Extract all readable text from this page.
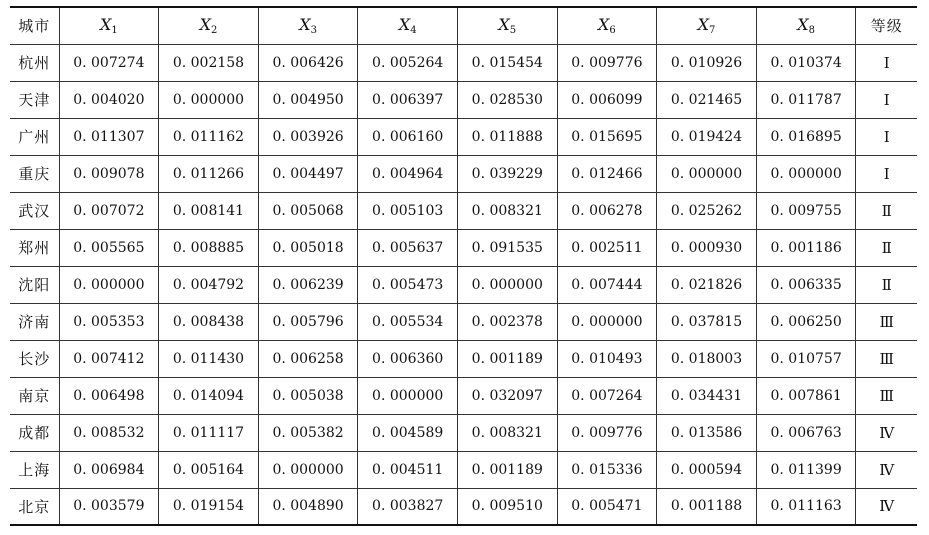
城市	$X_1$	$X_2$	$X_3$	$X_4$	$X_5$	$X_6$	$X_7$	$X_8$	等级
杭州	0. 007274	0. 002158	0. 006426	0. 005264	0. 015454	0. 009776	0. 010926	0. 010374	Ⅰ
天津	0. 004020	0. 000000	0. 004950	0. 006397	0. 028530	0. 006099	0. 021465	0. 011787	Ⅰ
广州	0. 011307	0. 011162	0. 003926	0. 006160	0. 011888	0. 015695	0. 019424	0. 016895	Ⅰ
重庆	0. 009078	0. 011266	0. 004497	0. 004964	0. 039229	0. 012466	0. 000000	0. 000000	Ⅰ
武汉	0. 007072	0. 008141	0. 005068	0. 005103	0. 008321	0. 006278	0. 025262	0. 009755	Ⅱ
郑州	0. 005565	0. 008885	0. 005018	0. 005637	0. 091535	0. 002511	0. 000930	0. 001186	Ⅱ
沈阳	0. 000000	0. 004792	0. 006239	0. 005473	0. 000000	0. 007444	0. 021826	0. 006335	Ⅱ
济南	0. 005353	0. 008438	0. 005796	0. 005534	0. 002378	0. 000000	0. 037815	0. 006250	Ⅲ
长沙	0. 007412	0. 011430	0. 006258	0. 006360	0. 001189	0. 010493	0. 018003	0. 010757	Ⅲ
南京	0. 006498	0. 014094	0. 005038	0. 000000	0. 032097	0. 007264	0. 034431	0. 007861	Ⅲ
成都	0. 008532	0. 011117	0. 005382	0. 004589	0. 008321	0. 009776	0. 013586	0. 006763	Ⅳ
上海	0. 006984	0. 005164	0. 000000	0. 004511	0. 001189	0. 015336	0. 000594	0. 011399	Ⅳ
北京	0. 003579	0. 019154	0. 004890	0. 003827	0. 009510	0. 005471	0. 001188	0. 011163	Ⅳ
